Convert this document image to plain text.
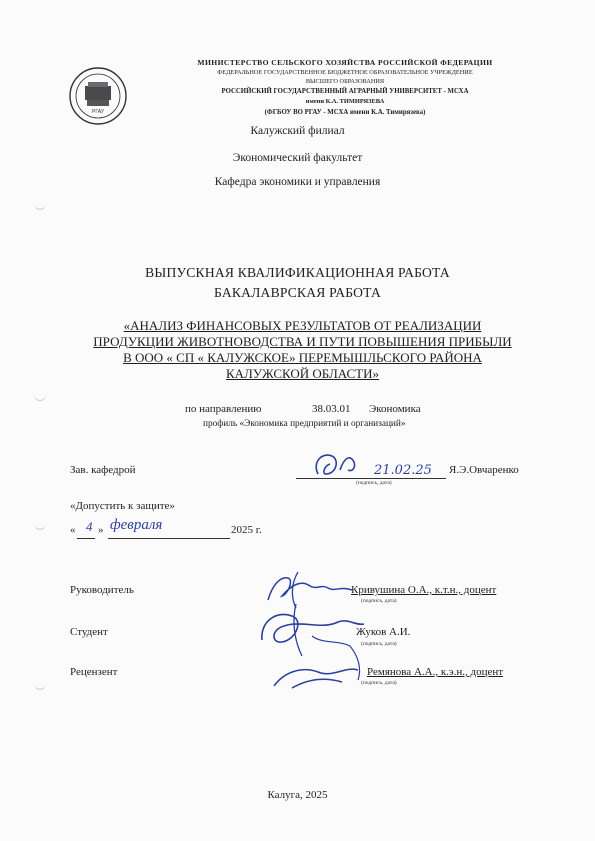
РГАУ
МИНИСТЕРСТВО СЕЛЬСКОГО ХОЗЯЙСТВА РОССИЙСКОЙ ФЕДЕРАЦИИ
ФЕДЕРАЛЬНОЕ ГОСУДАРСТВЕННОЕ БЮДЖЕТНОЕ ОБРАЗОВАТЕЛЬНОЕ УЧРЕЖДЕНИЕ
ВЫСШЕГО ОБРАЗОВАНИЯ
РОССИЙСКИЙ ГОСУДАРСТВЕННЫЙ АГРАРНЫЙ УНИВЕРСИТЕТ - МСХА
имени К.А. ТИМИРЯЗЕВА
(ФГБОУ ВО РГАУ - МСХА имени К.А. Тимирязева)
Калужский филиал
Экономический факультет
Кафедра экономики и управления
ВЫПУСКНАЯ КВАЛИФИКАЦИОННАЯ РАБОТА
БАКАЛАВРСКАЯ РАБОТА
«АНАЛИЗ ФИНАНСОВЫХ РЕЗУЛЬТАТОВ ОТ РЕАЛИЗАЦИИ
ПРОДУКЦИИ ЖИВОТНОВОДСТВА И ПУТИ ПОВЫШЕНИЯ ПРИБЫЛИ
В ООО « СП « КАЛУЖСКОЕ» ПЕРЕМЫШЛЬСКОГО РАЙОНА
КАЛУЖСКОЙ ОБЛАСТИ»
по направлению	38.03.01 Экономика
профиль «Экономика предприятий и организаций»
Зав. кафедрой	Я.Э.Овчаренко
(подпись, дата)
21.02.25
«Допустить к защите»
« 4 » февраля	2025 г.
Руководитель	Кривушина О.А., к.т.н., доцент
(подпись, дата)
Студент	Жуков А.И.
(подпись, дата)
Рецензент	Ремянова А.А., к.э.н., доцент
(подпись, дата)
Калуга, 2025
